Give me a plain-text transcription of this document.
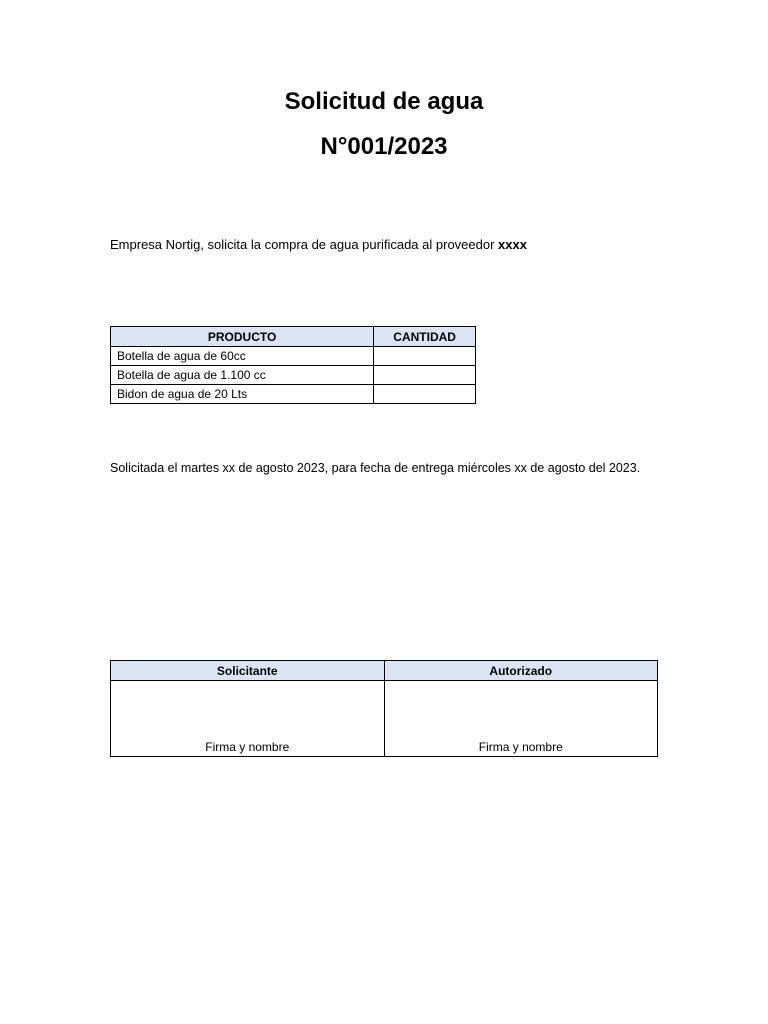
Solicitud de agua
N°001/2023

Empresa Nortig, solicita la compra de agua purificada al proveedor xxxx

PRODUCTO	CANTIDAD
Botella de agua de 60cc	
Botella de agua de 1.100 cc	
Bidon de agua de 20 Lts	

Solicitada el martes xx de agosto 2023, para fecha de entrega miércoles xx de agosto del 2023.

Solicitante	Autorizado
Firma y nombre	Firma y nombre
